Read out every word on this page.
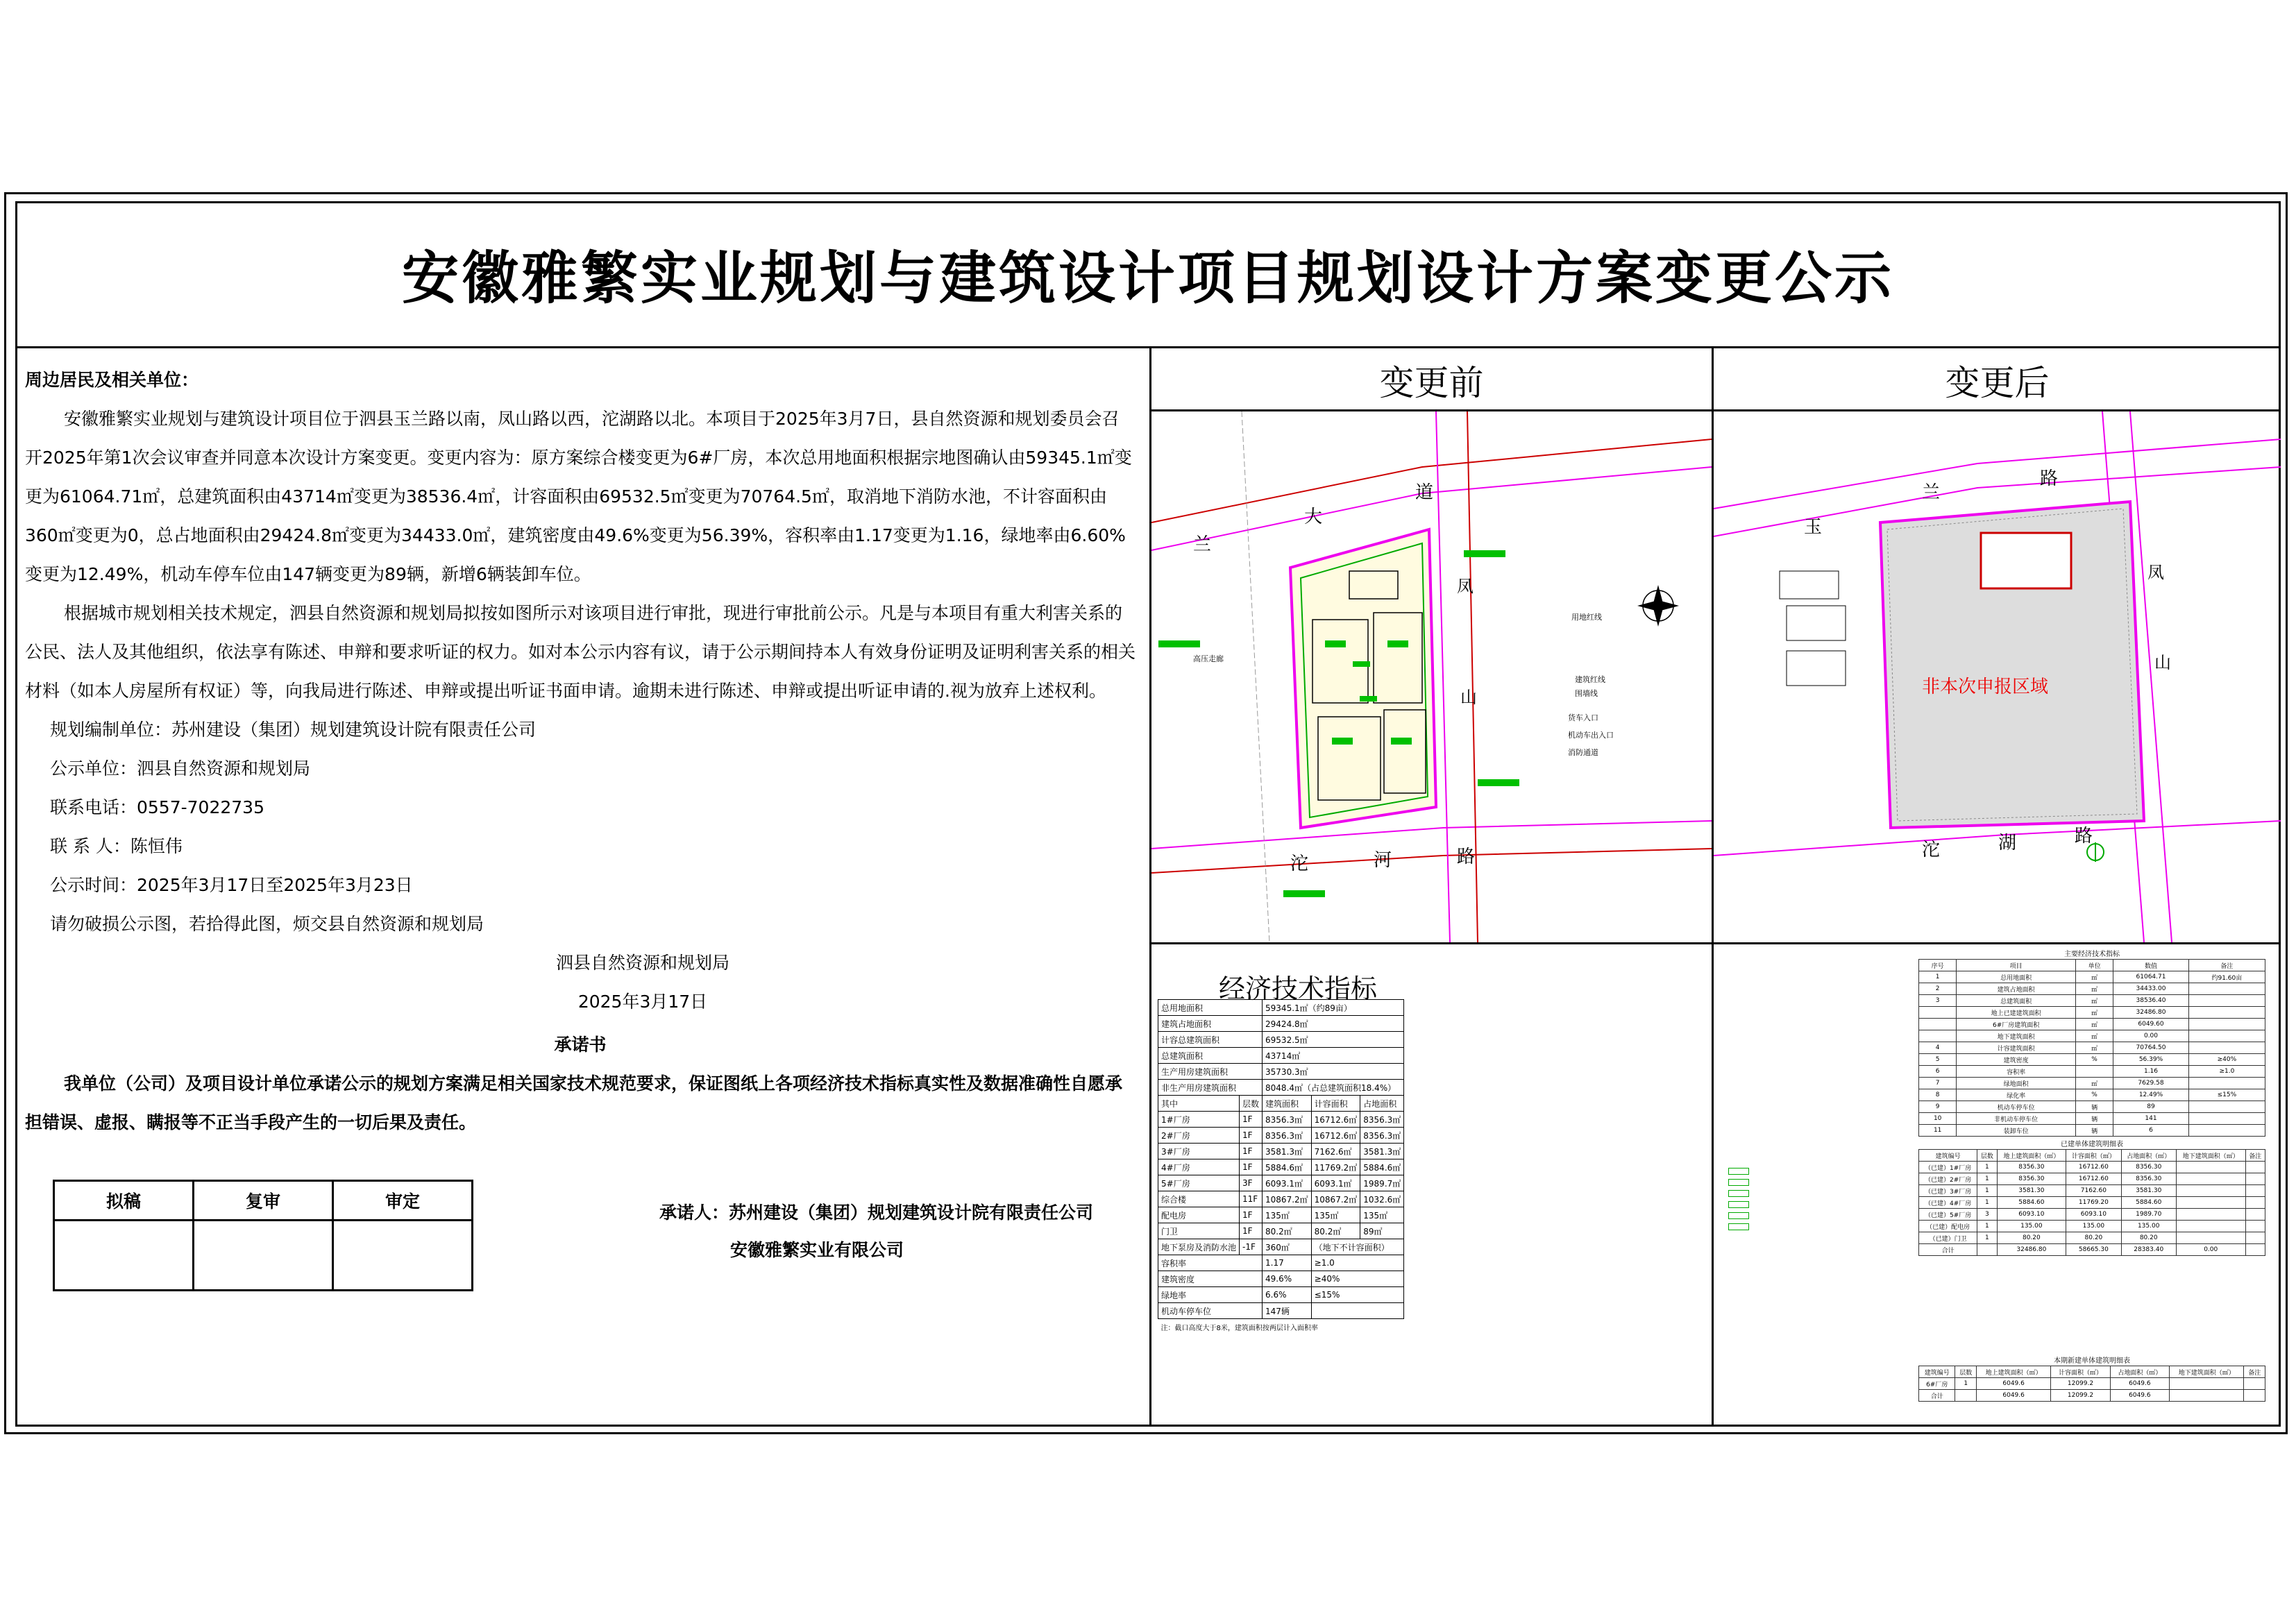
安徽雅繁实业规划与建筑设计项目规划设计方案变更公示

周边居民及相关单位：

安徽雅繁实业规划与建筑设计项目位于泗县玉兰路以南，凤山路以西，沱湖路以北。本项目于2025年3月7日，县自然资源和规划委员会召开2025年第1次会议审查并同意本次设计方案变更。变更内容为：原方案综合楼变更为6#厂房，本次总用地面积根据宗地图确认由59345.1㎡变更为61064.71㎡，总建筑面积由43714㎡变更为38536.4㎡，计容面积由69532.5㎡变更为70764.5㎡，取消地下消防水池，不计容面积由360㎡变更为0，总占地面积由29424.8㎡变更为34433.0㎡，建筑密度由49.6%变更为56.39%，容积率由1.17变更为1.16，绿地率由6.60%变更为12.49%，机动车停车位由147辆变更为89辆，新增6辆装卸车位。

根据城市规划相关技术规定，泗县自然资源和规划局拟按如图所示对该项目进行审批，现进行审批前公示。凡是与本项目有重大利害关系的公民、法人及其他组织，依法享有陈述、申辩和要求听证的权力。如对本公示内容有议，请于公示期间持本人有效身份证明及证明利害关系的相关材料（如本人房屋所有权证）等，向我局进行陈述、申辩或提出听证书面申请。逾期未进行陈述、申辩或提出听证申请的.视为放弃上述权利。

规划编制单位：苏州建设（集团）规划建筑设计院有限责任公司

公示单位：泗县自然资源和规划局

联系电话：0557-7022735

联 系 人：陈恒伟

公示时间：2025年3月17日至2025年3月23日

请勿破损公示图，若拾得此图，烦交县自然资源和规划局

泗县自然资源和规划局

2025年3月17日

承诺书

我单位（公司）及项目设计单位承诺公示的规划方案满足相关国家技术规范要求，保证图纸上各项经济技术指标真实性及数据准确性自愿承担错误、虚报、瞒报等不正当手段产生的一切后果及责任。

拟稿	复审	审定

承诺人：苏州建设（集团）规划建筑设计院有限责任公司
安徽雅繁实业有限公司
变更前	变更后
兰
大
道
沱	河	路
凤
山
高压走廊
用地红线
建筑红线
围墙线
货车入口
机动车出入口
消防通道
非本次申报区域
玉
兰
路
凤
山
沱	湖	路
经济技术指标
总用地面积		59345.1㎡（约89亩）		
建筑占地面积		29424.8㎡		
计容总建筑面积		69532.5㎡		
总建筑面积		43714㎡		
生产用房建筑面积		35730.3㎡		
非生产用房建筑面积		8048.4㎡（占总建筑面积18.4%）		
其中	层数	建筑面积	计容面积	占地面积
1#厂房	1F	8356.3㎡	16712.6㎡	8356.3㎡
2#厂房	1F	8356.3㎡	16712.6㎡	8356.3㎡
3#厂房	1F	3581.3㎡	7162.6㎡	3581.3㎡
4#厂房	1F	5884.6㎡	11769.2㎡	5884.6㎡
5#厂房	3F	6093.1㎡	6093.1㎡	1989.7㎡
综合楼	11F	10867.2㎡	10867.2㎡	1032.6㎡
配电房	1F	135㎡	135㎡	135㎡
门卫	1F	80.2㎡	80.2㎡	89㎡
地下泵房及消防水池	-1F	360㎡	（地下不计容面积）	
容积率		1.17	≥1.0	
建筑密度		49.6%	≥40%	
绿地率		6.6%	≤15%	
机动车停车位		147辆		
注：截口高度大于8米，建筑面积按两层计入面积率				
主要经济技术指标
序号	项目	单位	数值	备注
1	总用地面积	㎡	61064.71	约91.60亩
2	建筑占地面积	㎡	34433.00	
3	总建筑面积	㎡	38536.40	
	地上已建建筑面积	㎡	32486.80	
	6#厂房建筑面积	㎡	6049.60	
	地下建筑面积	㎡	0.00	
4	计容建筑面积	㎡	70764.50	
5	建筑密度	%	56.39%	≥40%
6	容积率		1.16	≥1.0
7	绿地面积	㎡	7629.58	
8	绿化率	%	12.49%	≤15%
9	机动车停车位	辆	89	
10	非机动车停车位	辆	141	
11	装卸车位	辆	6	
已建单体建筑明细表
建筑编号	层数	地上建筑面积（㎡）	计容面积（㎡）	占地面积（㎡）	地下建筑面积（㎡）	备注
（已建）1#厂房	1	8356.30	16712.60	8356.30		
（已建）2#厂房	1	8356.30	16712.60	8356.30		
（已建）3#厂房	1	3581.30	7162.60	3581.30		
（已建）4#厂房	1	5884.60	11769.20	5884.60		
（已建）5#厂房	3	6093.10	6093.10	1989.70		
（已建）配电房	1	135.00	135.00	135.00		
（已建）门卫	1	80.20	80.20	80.20		
合计		32486.80	58665.30	28383.40	0.00	
本期新建单体建筑明细表
建筑编号	层数	地上建筑面积（㎡）	计容面积（㎡）	占地面积（㎡）	地下建筑面积（㎡）	备注
6#厂房	1	6049.6	12099.2	6049.6		
合计		6049.6	12099.2	6049.6		
